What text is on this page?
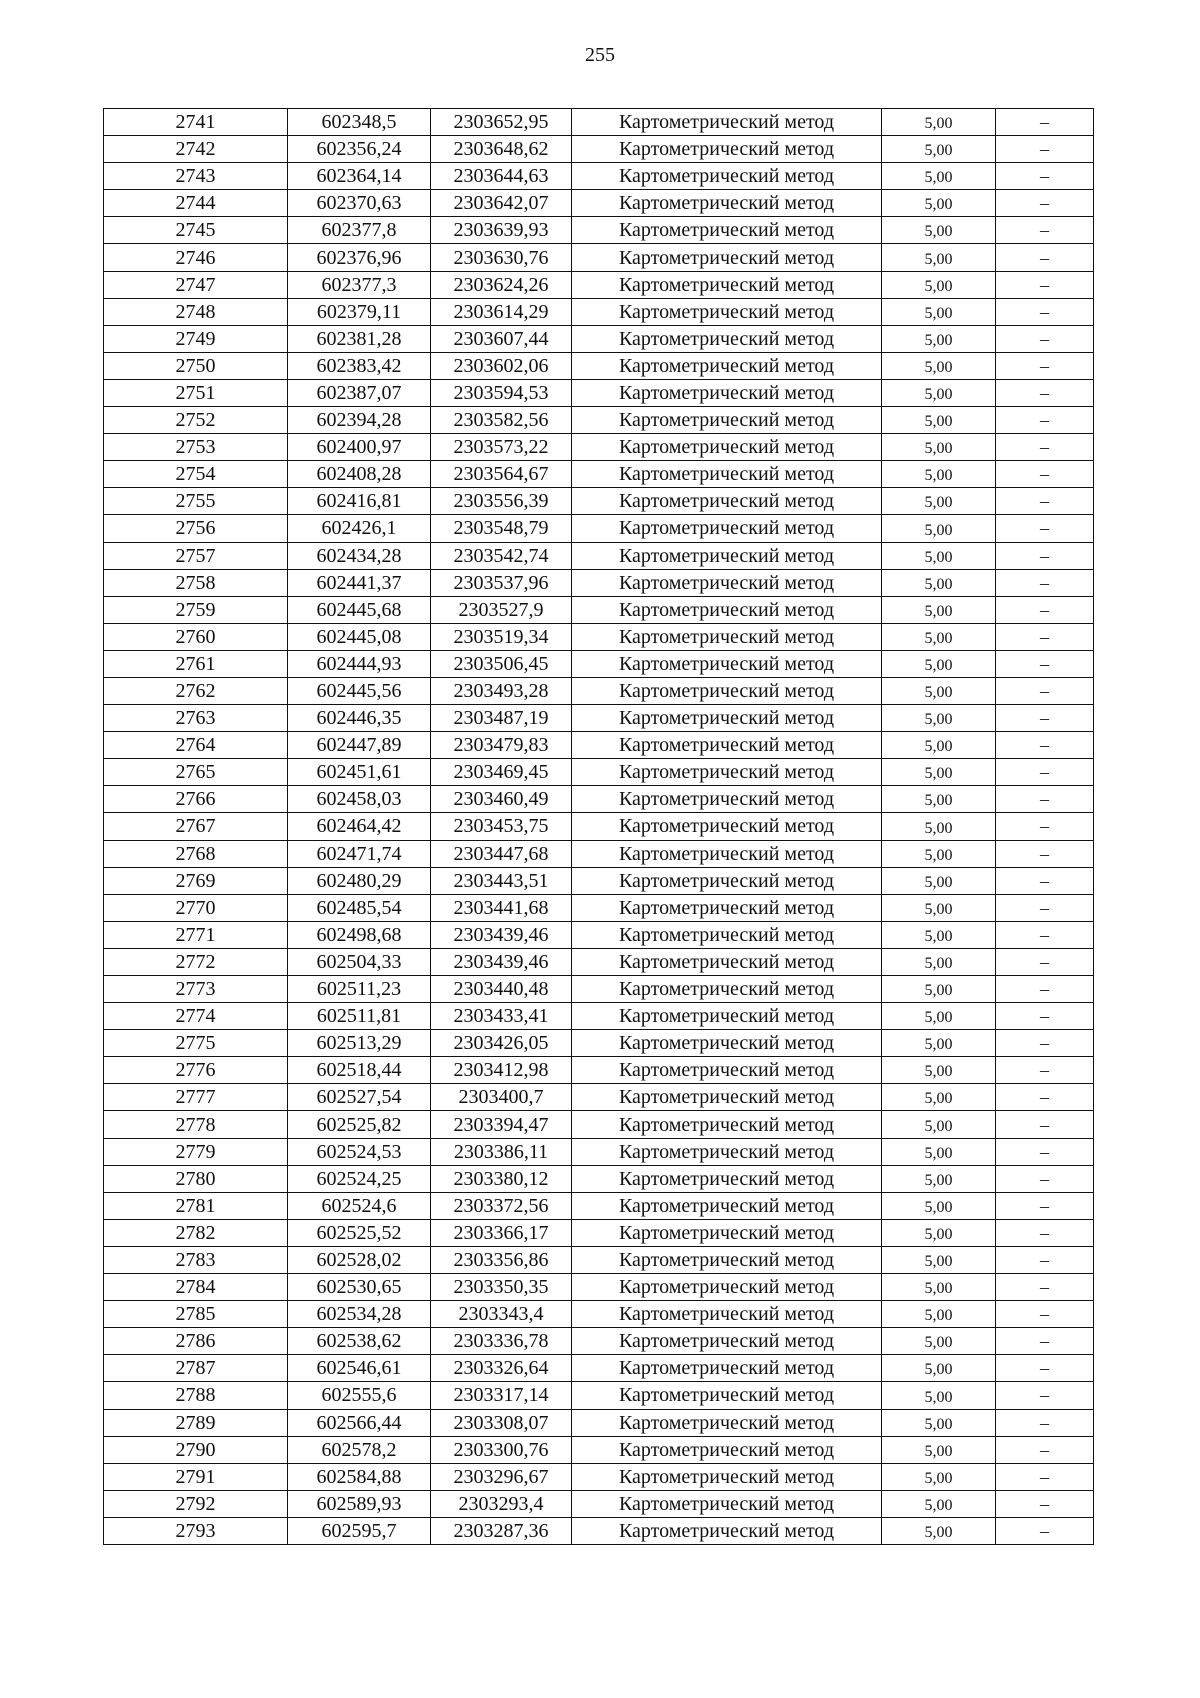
255
2741	602348,5	2303652,95	Картометрический метод	5,00	–
2742	602356,24	2303648,62	Картометрический метод	5,00	–
2743	602364,14	2303644,63	Картометрический метод	5,00	–
2744	602370,63	2303642,07	Картометрический метод	5,00	–
2745	602377,8	2303639,93	Картометрический метод	5,00	–
2746	602376,96	2303630,76	Картометрический метод	5,00	–
2747	602377,3	2303624,26	Картометрический метод	5,00	–
2748	602379,11	2303614,29	Картометрический метод	5,00	–
2749	602381,28	2303607,44	Картометрический метод	5,00	–
2750	602383,42	2303602,06	Картометрический метод	5,00	–
2751	602387,07	2303594,53	Картометрический метод	5,00	–
2752	602394,28	2303582,56	Картометрический метод	5,00	–
2753	602400,97	2303573,22	Картометрический метод	5,00	–
2754	602408,28	2303564,67	Картометрический метод	5,00	–
2755	602416,81	2303556,39	Картометрический метод	5,00	–
2756	602426,1	2303548,79	Картометрический метод	5,00	–
2757	602434,28	2303542,74	Картометрический метод	5,00	–
2758	602441,37	2303537,96	Картометрический метод	5,00	–
2759	602445,68	2303527,9	Картометрический метод	5,00	–
2760	602445,08	2303519,34	Картометрический метод	5,00	–
2761	602444,93	2303506,45	Картометрический метод	5,00	–
2762	602445,56	2303493,28	Картометрический метод	5,00	–
2763	602446,35	2303487,19	Картометрический метод	5,00	–
2764	602447,89	2303479,83	Картометрический метод	5,00	–
2765	602451,61	2303469,45	Картометрический метод	5,00	–
2766	602458,03	2303460,49	Картометрический метод	5,00	–
2767	602464,42	2303453,75	Картометрический метод	5,00	–
2768	602471,74	2303447,68	Картометрический метод	5,00	–
2769	602480,29	2303443,51	Картометрический метод	5,00	–
2770	602485,54	2303441,68	Картометрический метод	5,00	–
2771	602498,68	2303439,46	Картометрический метод	5,00	–
2772	602504,33	2303439,46	Картометрический метод	5,00	–
2773	602511,23	2303440,48	Картометрический метод	5,00	–
2774	602511,81	2303433,41	Картометрический метод	5,00	–
2775	602513,29	2303426,05	Картометрический метод	5,00	–
2776	602518,44	2303412,98	Картометрический метод	5,00	–
2777	602527,54	2303400,7	Картометрический метод	5,00	–
2778	602525,82	2303394,47	Картометрический метод	5,00	–
2779	602524,53	2303386,11	Картометрический метод	5,00	–
2780	602524,25	2303380,12	Картометрический метод	5,00	–
2781	602524,6	2303372,56	Картометрический метод	5,00	–
2782	602525,52	2303366,17	Картометрический метод	5,00	–
2783	602528,02	2303356,86	Картометрический метод	5,00	–
2784	602530,65	2303350,35	Картометрический метод	5,00	–
2785	602534,28	2303343,4	Картометрический метод	5,00	–
2786	602538,62	2303336,78	Картометрический метод	5,00	–
2787	602546,61	2303326,64	Картометрический метод	5,00	–
2788	602555,6	2303317,14	Картометрический метод	5,00	–
2789	602566,44	2303308,07	Картометрический метод	5,00	–
2790	602578,2	2303300,76	Картометрический метод	5,00	–
2791	602584,88	2303296,67	Картометрический метод	5,00	–
2792	602589,93	2303293,4	Картометрический метод	5,00	–
2793	602595,7	2303287,36	Картометрический метод	5,00	–
